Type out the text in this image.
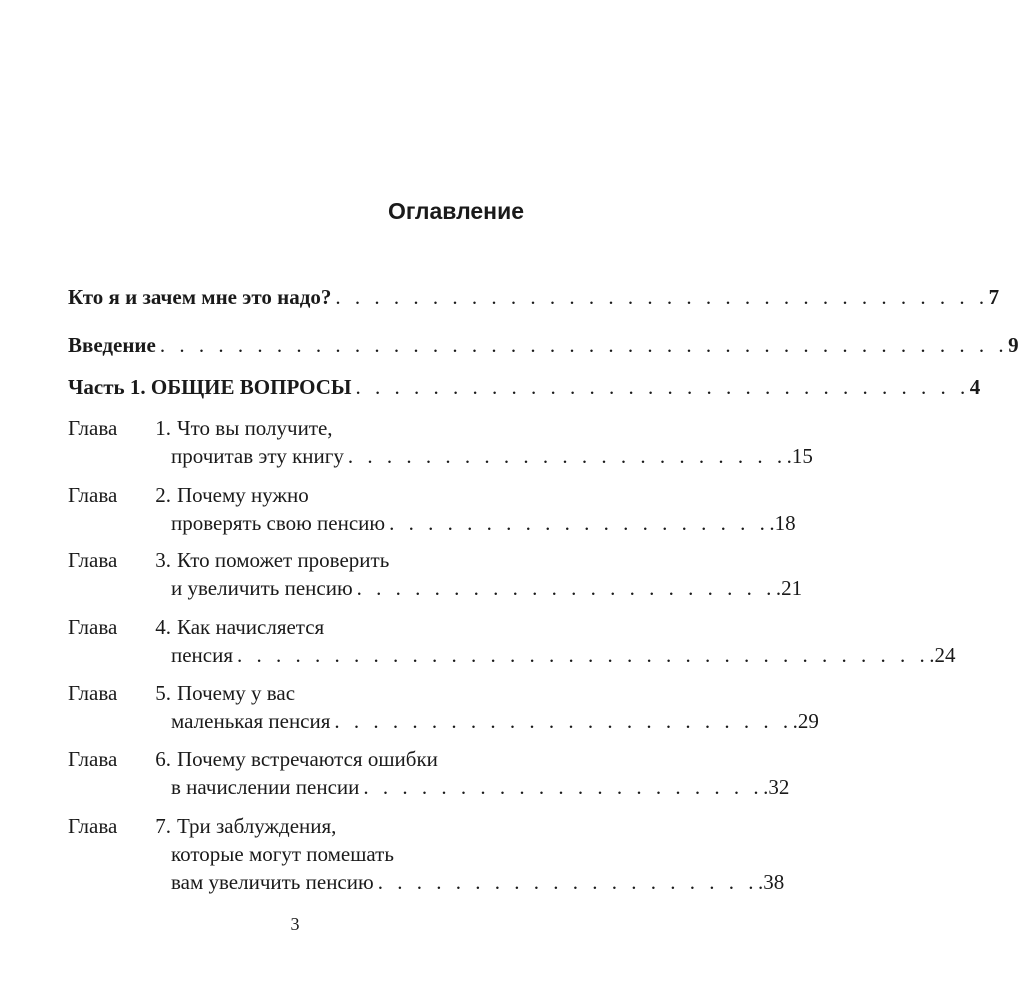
Оглавление
Кто я и зачем мне это надо? . . . . . . . . . . . . . . . . . . . . . . . . . . . . . . . . . . 7
Введение . . . . . . . . . . . . . . . . . . . . . . . . . . . . . . . . . . . . . . . . . . . . 9
Часть 1. ОБЩИЕ ВОПРОСЫ . . . . . . . . . . . . . . . . . . . . . . . . . . . . . . . . 4
Глава	1. Что вы получите,
прочитав эту книгу . . . . . . . . . . . . . . . . . . . . . . . .15
Глава	2. Почему нужно
проверять свою пенсию . . . . . . . . . . . . . . . . . . . . .18
Глава	3. Кто поможет проверить
и увеличить пенсию . . . . . . . . . . . . . . . . . . . . . . .21
Глава	4. Как начисляется
пенсия . . . . . . . . . . . . . . . . . . . . . . . . . . . . . . . . . . . . .24
Глава	5. Почему у вас
маленькая пенсия . . . . . . . . . . . . . . . . . . . . . . . . .29
Глава	6. Почему встречаются ошибки
в начислении пенсии . . . . . . . . . . . . . . . . . . . . . .32
Глава	7. Три заблуждения,
которые могут помешать
вам увеличить пенсию . . . . . . . . . . . . . . . . . . . . .38
3
